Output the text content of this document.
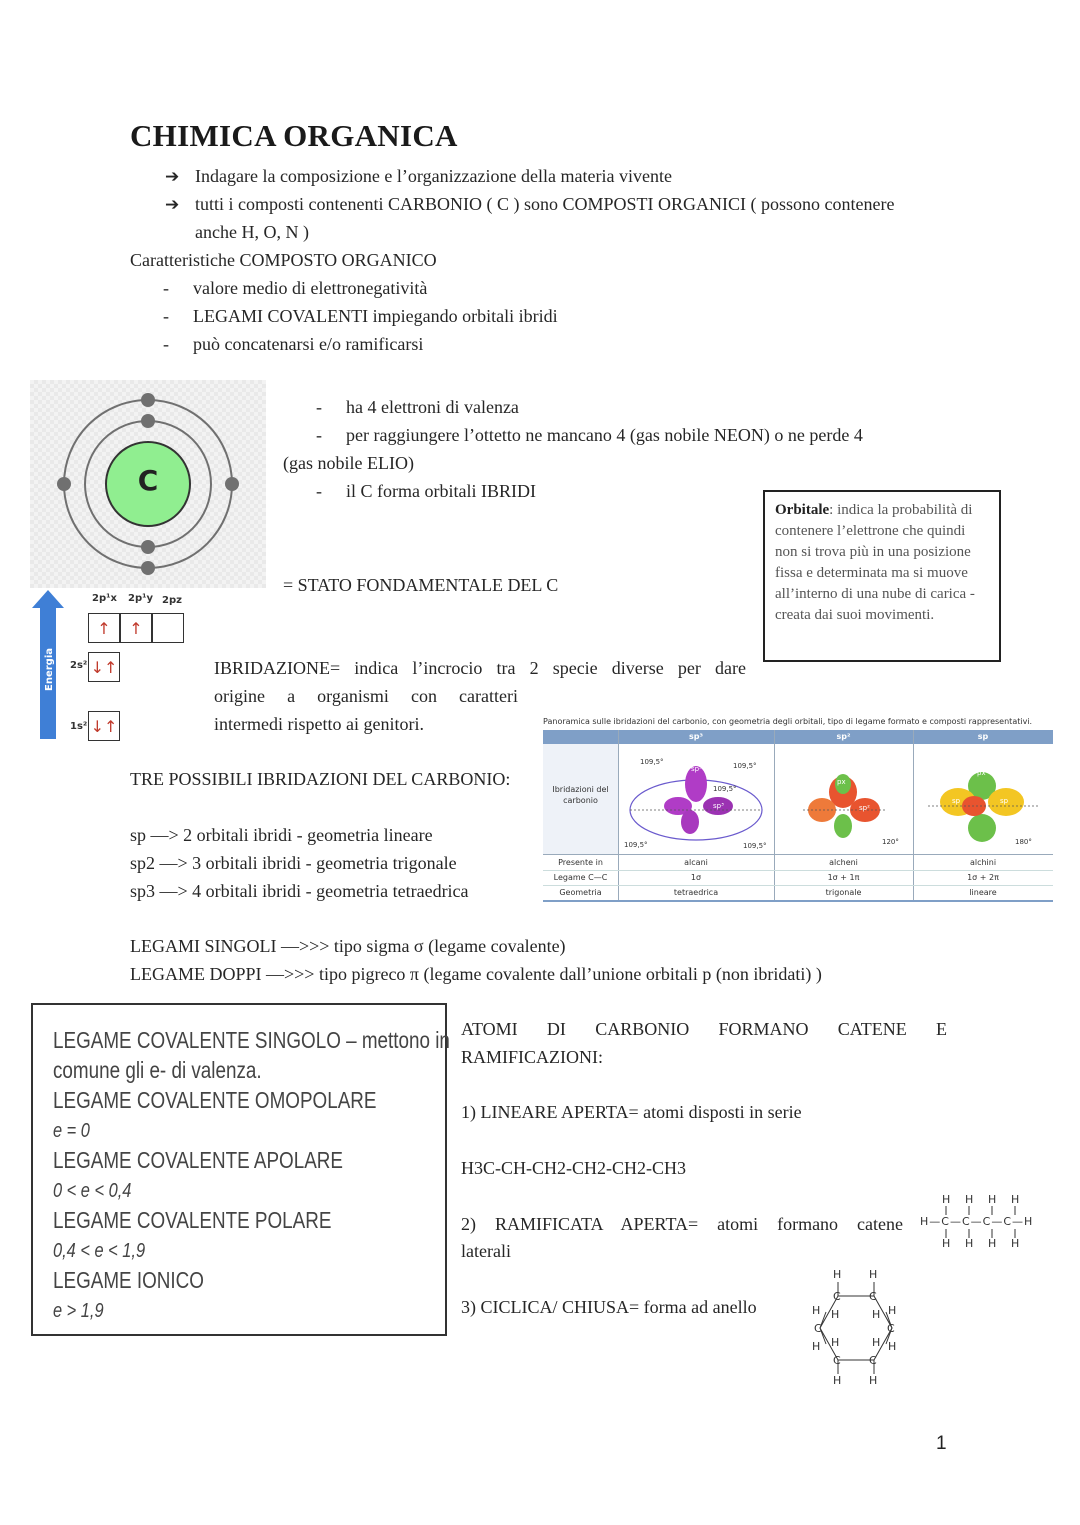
CHIMICA ORGANICA
➔ Indagare la composizione e l’organizzazione della materia vivente
➔ tutti i composti contenenti CARBONIO ( C ) sono COMPOSTI ORGANICI ( possono contenere
anche H, O, N )
Caratteristiche COMPOSTO ORGANICO
- valore medio di elettronegatività
- LEGAMI COVALENTI impiegando orbitali ibridi
- può concatenarsi e/o ramificarsi
C
- ha 4 elettroni di valenza
- per raggiungere l’ottetto ne mancano 4 (gas nobile NEON) o ne perde 4
(gas nobile ELIO)
- il C forma orbitali IBRIDI
= STATO FONDAMENTALE DEL C
Orbitale: indica la probabilità di contenere l’elettrone che quindi non si trova più in una posizione fissa e determinata ma si muove all’interno di una nube di carica - creata dai suoi movimenti.
Energia
2p¹x 2p¹y 2pz
↑	↑
2s² ↓↑
1s² ↓↑
IBRIDAZIONE= indica l’incrocio tra 2 specie diverse per dare
origine a organismi con caratteri
intermedi rispetto ai genitori.
TRE POSSIBILI IBRIDAZIONI DEL CARBONIO:
sp —> 2 orbitali ibridi - geometria lineare
sp2 —> 3 orbitali ibridi - geometria trigonale
sp3 —> 4 orbitali ibridi - geometria tetraedrica
Panoramica sulle ibridazioni del carbonio, con geometria degli orbitali, tipo di legame formato e composti rappresentativi.
sp³	sp²	sp
Ibridazioni del carbonio
109,5°	109,5°
109,5°
109,5°	109,5°
sp³
sp³
sp²
sp²
px
120°
px
py
sp	sp
180°
Presente in	alcani	alcheni	alchini
Legame C—C	1σ	1σ + 1π	1σ + 2π
Geometria	tetraedrica	trigonale	lineare
LEGAMI SINGOLI —>>> tipo sigma σ (legame covalente)
LEGAME DOPPI —>>> tipo pigreco π (legame covalente dall’unione orbitali p (non ibridati) )
LEGAME COVALENTE SINGOLO – mettono in
comune gli e- di valenza.
LEGAME COVALENTE OMOPOLARE
e = 0
LEGAME COVALENTE APOLARE
0 < e < 0,4
LEGAME COVALENTE POLARE
0,4 < e < 1,9
LEGAME IONICO
e > 1,9
ATOMI DI CARBONIO FORMANO CATENE E
RAMIFICAZIONI:
1) LINEARE APERTA= atomi disposti in serie
H3C-CH-CH2-CH2-CH2-CH3
2) RAMIFICATA APERTA= atomi formano catene
laterali
3) CICLICA/ CHIUSA= forma ad anello
H H H H
H—C—C—C—C—H
H H H H
H	H
C	C
C	C
C	C
H	H
H H	H H
H H	H H
1
